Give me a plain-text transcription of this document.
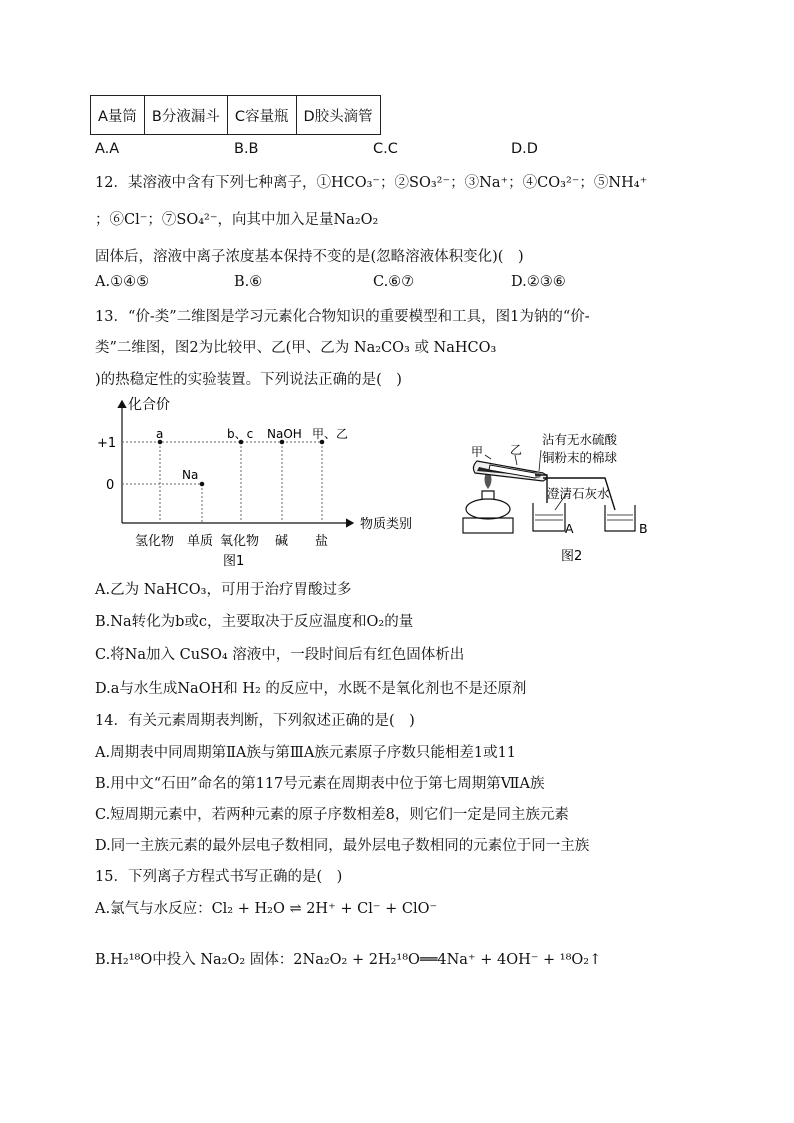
A量筒	B分液漏斗	C容量瓶	D胶头滴管
A.A	B.B	C.C	D.D
12．某溶液中含有下列七种离子，①HCO₃⁻；②SO₃²⁻；③Na⁺；④CO₃²⁻；⑤NH₄⁺
；⑥Cl⁻；⑦SO₄²⁻，向其中加入足量Na₂O₂
固体后，溶液中离子浓度基本保持不变的是(忽略溶液体积变化)(　)
A.①④⑤	B.⑥	C.⑥⑦	D.②③⑥
13．“价-类”二维图是学习元素化合物知识的重要模型和工具，图1为钠的“价-
类”二维图，图2为比较甲、乙(甲、乙为 Na₂CO₃ 或 NaHCO₃
)的热稳定性的实验装置。下列说法正确的是(　)
化合价
物质类别
+1
0
a
Na
b、c NaOH 甲、乙
氢化物 单质 氧化物 碱 盐
图1
甲 乙
沾有无水硫酸
铜粉末的棉球
澄清石灰水
A	B
图2
A.乙为 NaHCO₃，可用于治疗胃酸过多
B.Na转化为b或c，主要取决于反应温度和O₂的量
C.将Na加入 CuSO₄ 溶液中，一段时间后有红色固体析出
D.a与水生成NaOH和 H₂ 的反应中，水既不是氧化剂也不是还原剂
14．有关元素周期表判断，下列叙述正确的是(　)
A.周期表中同周期第ⅡA族与第ⅢA族元素原子序数只能相差1或11
B.用中文“石田”命名的第117号元素在周期表中位于第七周期第ⅦA族
C.短周期元素中，若两种元素的原子序数相差8，则它们一定是同主族元素
D.同一主族元素的最外层电子数相同，最外层电子数相同的元素位于同一主族
15．下列离子方程式书写正确的是(　)
A.氯气与水反应：Cl₂ + H₂O ⇌ 2H⁺ + Cl⁻ + ClO⁻
B.H₂¹⁸O中投入 Na₂O₂ 固体：2Na₂O₂ + 2H₂¹⁸O══4Na⁺ + 4OH⁻ + ¹⁸O₂↑
